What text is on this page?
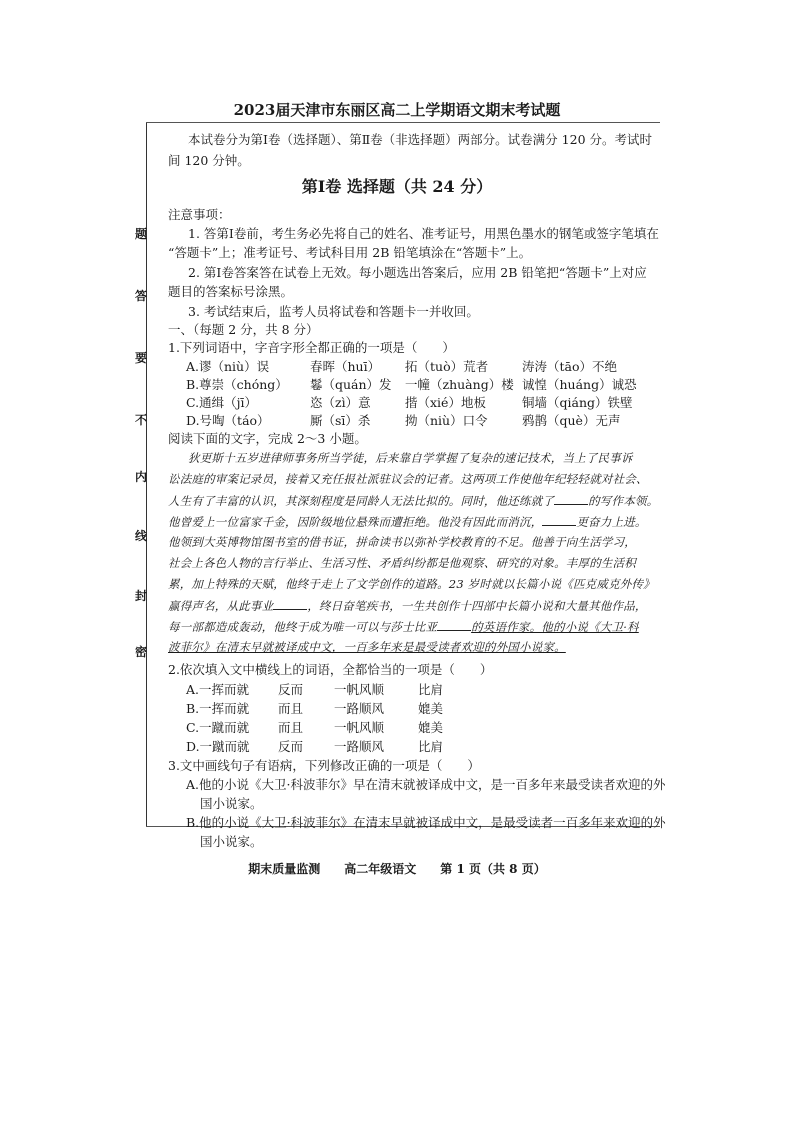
题
答
要
不
内
线
封
密
2023届天津市东丽区高二上学期语文期末考试题
本试卷分为第Ⅰ卷（选择题）、第Ⅱ卷（非选择题）两部分。试卷满分 120 分。考试时
间 120 分钟。
第Ⅰ卷 选择题（共 24 分）
注意事项：
1. 答第Ⅰ卷前，考生务必先将自己的姓名、准考证号，用黑色墨水的钢笔或签字笔填在
“答题卡”上；准考证号、考试科目用 2B 铅笔填涂在“答题卡”上。
2. 第Ⅰ卷答案答在试卷上无效。每小题选出答案后，应用 2B 铅笔把“答题卡”上对应
题目的答案标号涂黑。
3. 考试结束后，监考人员将试卷和答题卡一并收回。
一、（每题 2 分，共 8 分）
1.下列词语中，字音字形全都正确的一项是（　　）
A.谬（niù）误	春晖（huī） 拓（tuò）荒者	涛涛（tāo）不绝
B.尊崇（chóng） 鬈（quán）发 一幢（zhuàng）楼 诚惶（huáng）诚恐
C.通缉（jī）	恣（zì）意	揩（xié）地板	铜墙（qiáng）铁壁
D.号啕（táo）	厮（sī）杀	拗（niù）口令	鸦鹊（què）无声
阅读下面的文字，完成 2～3 小题。
狄更斯十五岁进律师事务所当学徒，后来靠自学掌握了复杂的速记技术，当上了民事诉
讼法庭的审案记录员，接着又充任报社派驻议会的记者。这两项工作使他年纪轻轻就对社会、
人生有了丰富的认识，其深刻程度是同龄人无法比拟的。同时，他还练就了	的写作本领。
他曾爱上一位富家千金，因阶级地位悬殊而遭拒绝。他没有因此而消沉，	更奋力上进。
他领到大英博物馆图书室的借书证，拼命读书以弥补学校教育的不足。他善于向生活学习，
社会上各色人物的言行举止、生活习性、矛盾纠纷都是他观察、研究的对象。丰厚的生活积
累，加上特殊的天赋，他终于走上了文学创作的道路。23 岁时就以长篇小说《匹克威克外传》
赢得声名，从此事业	，终日奋笔疾书，一生共创作十四部中长篇小说和大量其他作品，
每一部都造成轰动，他终于成为唯一可以与莎士比亚	的英语作家。他的小说《大卫·科
波菲尔》在清末早就被译成中文，一百多年来是最受读者欢迎的外国小说家。
2.依次填入文中横线上的词语，全都恰当的一项是（　　）
A.一挥而就 反而 一帆风顺	比肩
B.一挥而就 而且 一路顺风	媲美
C.一蹴而就 而且 一帆风顺	媲美
D.一蹴而就 反而 一路顺风	比肩
3.文中画线句子有语病，下列修改正确的一项是（　　）
A.他的小说《大卫·科波菲尔》早在清末就被译成中文，是一百多年来最受读者欢迎的外
国小说家。
B.他的小说《大卫·科波菲尔》在清末早就被译成中文，是最受读者一百多年来欢迎的外
国小说家。
期末质量监测　　高二年级语文　　第 1 页（共 8 页）
